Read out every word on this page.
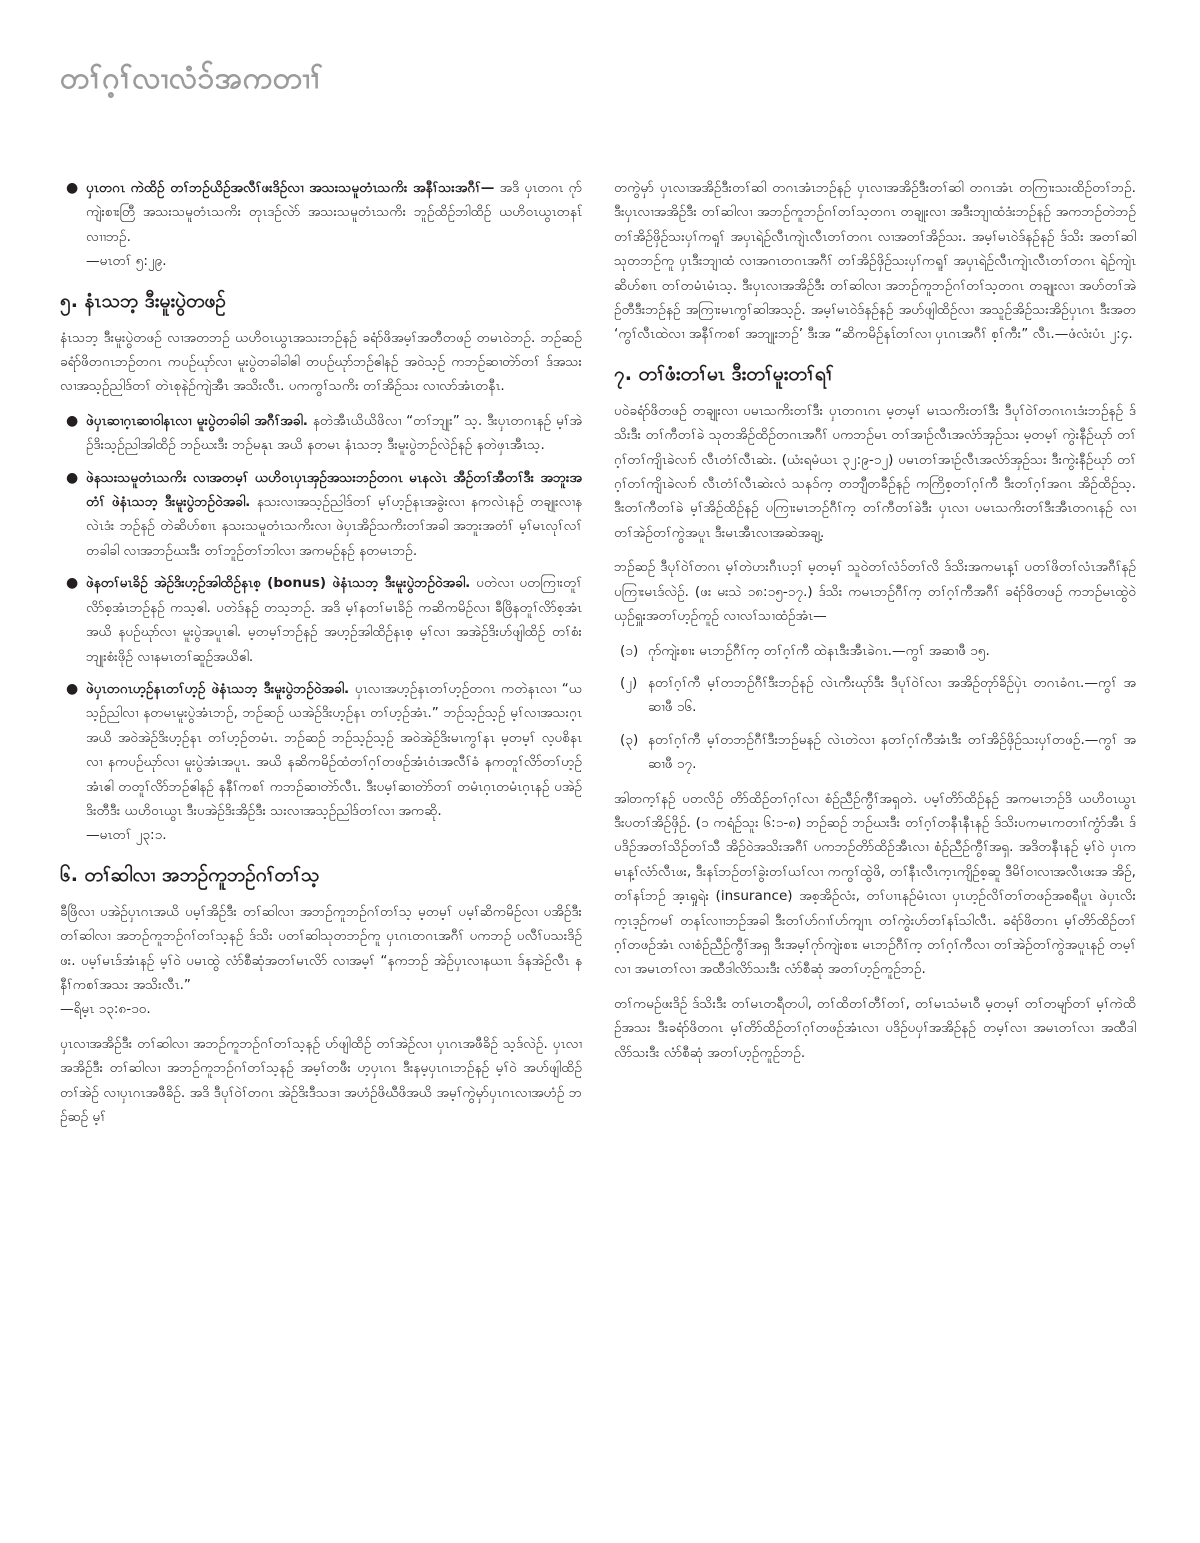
တၢ်ဂ့ၢ်လၢလံၥ်အကတၢၢ်
● ပှၤတဂၤ ကဲထိဉ် တၢ်ဘဉ်ယိဉ်အလီၢ်ဖးဒိဉ်လၢ အသးသမူတံၤသကိး အနီၢ်သးအဂီၢ်— အဒိ ပှၤတဂၤ ဂုာ်ကျဲးစၢးတြီ အသးသမူတံၤသကိး တုၤဒဉ်လဲာ် အသးသမူတံၤသကိး ဘူဉ်ထိဉ်ဘါထိဉ် ယဟိဝၤယွၤတနၤ်လၢၢဘဉ်.
—မၤတၢ် ၅:၂၉.
၅. နံၤသဘ့ ဒီးမူးပွဲတဖဉ်

နံၤသဘ့ ဒီးမူးပွဲတဖဉ် လၢအတဘဉ် ယဟိဝၤယွၤအသးဘဉ်နဉ် ခရံာ်ဖိအမ့ၢ်အတီတဖဉ် တမၤဝဲဘဉ်. ဘဉ်ဆဉ် ခရံာ်ဖိတဂၤဘဉ်တဂၤ ကပဉ်ဃုာ်လၢ မူးပွဲတခါခါဧါ တပဉ်ဃုာ်ဘဉ်ဧါနဉ် အဝဲသ့ဉ် ကဘဉ်ဆၢတဲာ်တၢ် ဒ်အသးလၢအသ့ဉ်ညါဒ်တၢ် တဲၤစုနဲဉ်ကျဲအီၤ အသိးလီၤ. ပကကွၢ်သကိး တၢ်အိဉ်သး လၢလာ်အံၤတနီၤ.

● ဖဲပှၤဆၢဂ့ၤဆၢဝါနၤလၢ မူးပွဲတခါခါ အဂီၢ်အခါ. နတဲအီၤယိယိဖိလၢ “တၢ်ဘျုး” သ့. ဒီးပှၤတဂၤနဉ် မ့ၢ်အဲဉ်ဒိးသ့ဉ်ညါအါထိဉ် ဘဉ်ဃးဒီး ဘဉ်မနုၤ အယိ နတမၤ နံၤသဘ့ ဒီးမူးပွဲဘဉ်လဲဉ်နဉ် နတဲဖှၤအီၤသ့.
● ဖဲနသးသမူတံၤသကိး လၢအတမ့ၢ် ယဟိဝၤပှၤအှဉ်အသးဘဉ်တဂၤ မၤနလဲၤ အီဉ်တၢ်အီတၢ်ဒီး အဘူးအတံၢ် ဖဲနံၤသဘ့ ဒီးမူးပွဲဘဉ်ဝဲအခါ. နသးလၢအသ့ဉ်ညါဒ်တၢ် မ့ၢ်ဟ့ဉ်နၤအခွဲးလၢ နကလဲၤနဉ် တချုးလၢနလဲၤဒံး ဘဉ်နဉ် တဲဆိဟ်စၢၤ နသးသမူတံၤသကိးလၢ ဖဲပှၤအိဉ်သကိးတၢ်အခါ အဘူးအတံၢ် မ့ၢ်မၤလုၢ်လၢ်တခါခါ လၢအဘဉ်ဃးဒီး တၢ်ဘူဉ်တၢ်ဘါလၢ အကမဉ်နဉ် နတမၤဘဉ်.
● ဖဲနတၢ်မၤခိဉ် အဲဉ်ဒိးဟ့ဉ်အါထိဉ်နၤစ့ (bonus) ဖဲနံၤသဘ့ ဒီးမူးပွဲဘဉ်ဝဲအခါ. ပတဲလၢ ပတကြၢးတူၢ်လိာ်စ့အံၤဘဉ်နဉ် ကသ့ဧါ. ပတဲဒ်နဉ် တသ့ဘဉ်. အဒိ မ့ၢ်နတၢ်မၤခိဉ် ကဆိကမိဉ်လၢ ခီဖြိနတူၢ်လိာ်စ့အံၤအယိ နပဉ်ဃုာ်လၢ မူးပွဲအပူၤဧါ. မ့တမ့ၢ်ဘဉ်နဉ် အဟ့ဉ်အါထိဉ်နၤစ့ မ့ၢ်လၢ အအဲဉ်ဒိးဟ်ဖျါထိဉ် တၢ်စံးဘျုးစံးဖိုဉ် လၢနမၤတၢ်ဆူဉ်အယိဧါ.
● ဖဲပှၤတဂၤဟ့ဉ်နၤတၢ်ဟ့ဉ် ဖဲနံၤသဘ့ ဒီးမူးပွဲဘဉ်ဝဲအခါ. ပှၤလၢအဟ့ဉ်နၤတၢ်ဟ့ဉ်တဂၤ ကတဲနၤလၢ “ယသ့ဉ်ညါလၢ နတမၤမူးပွဲအံၤဘဉ်, ဘဉ်ဆဉ် ယအဲဉ်ဒိးဟ့ဉ်နၤ တၢ်ဟ့ဉ်အံၤ.” ဘဉ်သ့ဉ်သ့ဉ် မ့ၢ်လၢအသးဂ့ၤအယိ အဝဲအဲဉ်ဒိးဟ့ဉ်နၤ တၢ်ဟ့ဉ်တမံၤ. ဘဉ်ဆဉ် ဘဉ်သ့ဉ်သ့ဉ် အဝဲအဲဉ်ဒိးမၤကွၢ်နၤ မ့တမ့ၢ် လ့ပစိနၤလၢ နကပဉ်ဃုာ်လၢ မူးပွဲအံၤအပူၤ. အယိ နဆိကမိဉ်ထံတၢ်ဂ့ၢ်တဖဉ်အံၤဝံၤအလီၢ်ခံ နကတူၢ်လိာ်တၢ်ဟ့ဉ်အံၤဧါ တတူၢ်လိာ်ဘဉ်ဧါနဉ် နနီၢ်ကစၢ် ကဘဉ်ဆၢတဲာ်လီၤ. ဒီးပမ့ၢ်ဆၢတဲာ်တၢ် တမံၤဂ့ၤတမံၤဂ့ၤနဉ် ပအဲဉ်ဒိးတီဒီး ယဟိဝၤယွၤ ဒီးပအဲဉ်ဒိးအိဉ်ဒီး သးလၢအသ့ဉ်ညါဒ်တၢ်လၢ အကဆို.
—မၤတၢ် ၂၃:၁.
၆. တၢ်ဆါလၢ အဘဉ်ကူဘဉ်ဂၢ်တၢ်သ့

ခီဖြိလၢ ပအဲဉ်ပှၤဂၤအယိ ပမ့ၢ်အိဉ်ဒီး တၢ်ဆါလၢ အဘဉ်ကူဘဉ်ဂၢ်တၢ်သ့ မ့တမ့ၢ် ပမ့ၢ်ဆိကမိဉ်လၢ ပအိဉ်ဒီး တၢ်ဆါလၢ အဘဉ်ကူဘဉ်ဂၢ်တၢ်သ့နဉ် ဒ်သိး ပတၢ်ဆါသုတဘဉ်ကူ ပှၤဂၤတဂၤအဂီၢ် ပကဘဉ် ပလီၢ်ပသးဒိဉ်ဖး. ပမ့ၢ်မၤဒ်အံၤနဉ် မ့ၢ်ဝဲ ပမၤထွဲ လံာ်စီဆုံအတၢ်မၤလိာ် လၢအမ့ၢ် “နကဘဉ် အဲဉ်ပှၤလၢနယၢၤ ဒ်နအဲဉ်လီၤ နနီၢ်ကစၢ်အသး အသိးလီၤ.”
—ရိမ့ၤ ၁၃:၈-၁၀.

ပှၤလၢအအိဉ်ဒီး တၢ်ဆါလၢ အဘဉ်ကူဘဉ်ဂၢ်တၢ်သ့နဉ် ဟ်ဖျါထိဉ် တၢ်အဲဉ်လၢ ပှၤဂၤအဖီခိဉ် သ့ဒ်လဲဉ်. ပှၤလၢအအိဉ်ဒီး တၢ်ဆါလၢ အဘဉ်ကူဘဉ်ဂၢ်တၢ်သ့နဉ် အမ့ၢ်တဖီး ဟ့ပှၤဂၤ ဒီးနမ့ပှၤဂၤဘဉ်နဉ် မ့ၢ်ဝဲ အဟ်ဖျါထိဉ် တၢ်အဲဉ် လၢပှၤဂၤအဖီခိဉ်. အဒိ ဒီပုၢ်ဝဲၢ်တဂၤ အဲဉ်ဒိးဒီသဒၢ အဟံဉ်ဖိဃီဖိအယိ အမ့ၢ်ကွဲမှာ်ပှၤဂၤလၢအဟံဉ် ဘဉ်ဆဉ် မ့ၢ်

တကွဲမှာ် ပှၤလၢအအိဉ်ဒီးတၢ်ဆါ တဂၤအံၤဘဉ်နဉ် ပှၤလၢအအိဉ်ဒီးတၢ်ဆါ တဂၤအံၤ တကြၢးသးထိဉ်တၢ်ဘဉ်. ဒီးပှၤလၢအအိဉ်ဒီး တၢ်ဆါလၢ အဘဉ်ကူဘဉ်ဂၢ်တၢ်သ့တဂၤ တချုးလၢ အဒီးဘျၢထံဒံးဘဉ်နဉ် အကဘဉ်တဲဘဉ် တၢ်အိဉ်ဖှိဉ်သးပှၢ်ကရူၢ် အပှၤရဲဉ်လီၤကျဲၤလီၤတၢ်တဂၤ လၢအတၢ်အိဉ်သး. အမ့ၢ်မၤဝဲဒ်နဉ်နဉ် ဒ်သိး အတၢ်ဆါ သုတဘဉ်ကူ ပှၤဒီးဘျၢထံ လၢအဂၤတဂၤအဂီၢ် တၢ်အိဉ်ဖှိဉ်သးပှၢ်ကရူၢ် အပှၤရဲဉ်လီၤကျဲၤလီၤတၢ်တဂၤ ရဲဉ်ကျဲၤဆိဟ်စၢၤ တၢ်တမံၤမံၤသ့. ဒီးပှၤလၢအအိဉ်ဒီး တၢ်ဆါလၢ အဘဉ်ကူဘဉ်ဂၢ်တၢ်သ့တဂၤ တချုးလၢ အဟ်တၢ်အဲဉ်တီဒီးဘဉ်နဉ် အကြၢးမၤကွၢ်ဆါအသ့ဉ်. အမ့ၢ်မၤဝဲဒ်နဉ်နဉ် အဟ်ဖျါထိဉ်လၢ အသူဉ်အိဉ်သးအိဉ်ပှၤဂၤ ဒီးအတ ‘ကွၢ်လီၤထဲလၢ အနီၢ်ကစၢ် အဘျုးဘဉ်’ ဒီးအ “ဆိကမိဉ်နၤ်တၢ်လၢ ပှၤဂၤအဂီၢ် စ့ၢ်ကီး” လီၤ.—ဖံလံးပံၤ ၂:၄.

၇. တၢ်ဖံးတၢ်မၤ ဒီးတၢ်မူးတၢ်ရၢ်

ပဝဲခရံာ်ဖိတဖဉ် တချုးလၢ ပမၤသကိးတၢ်ဒီး ပှၤတဂၤဂၤ မ့တမ့ၢ် မၤသကိးတၢ်ဒီး ဒီပုၢ်ဝဲၢ်တဂၤဂၤဒံးဘဉ်နဉ် ဒ်သိးဒီး တၢ်ကီတၢ်ခဲ သုတအိဉ်ထိဉ်တဂၤအဂီၢ် ပကဘဉ်မၤ တၢ်အၢဉ်လီၤအလံာ်အှဉ်သး မ့တမ့ၢ် ကွဲးနီဉ်ဃုာ် တၢ်ဂ့ၢ်တၢ်ကျိၤခဲလၢာ် လီၤတံၢ်လီၤဆဲး. (ယံးရမံယၤ ၃၂:၉-၁၂) ပမၤတၢ်အၢဉ်လီၤအလံာ်အှဉ်သး ဒီးကွဲးနီဉ်ဃုာ် တၢ်ဂ့ၢ်တၢ်ကျိၤခဲလၢာ် လီၤတံၢ်လီၤဆဲးလံ သနၥ်က့ တဘျီတခီဉ်နဉ် ကကြိစ့တၢ်ဂ့ၢ်ကီ ဒီးတၢ်ဂ့ၢ်အဂၤ အိဉ်ထိဉ်သ့. ဒီးတၢ်ကီတၢ်ခဲ မ့ၢ်အိဉ်ထိဉ်နဉ် ပကြၢးမၤဘဉ်ဂီၢ်က့ တၢ်ကီတၢ်ခဲဒီး ပှၤလၢ ပမၤသကိးတၢ်ဒီးအီၤတဂၤနဉ် လၢတၢ်အဲဉ်တၢ်ကွဲအပူၤ ဒီးမၤအီၤလၢအဆဲအချ့.

ဘဉ်ဆဉ် ဒီပုၢ်ဝဲၢ်တဂၤ မ့ၢ်တဲဟးဂီၤပၥ့ၢ် မ့တမ့ၢ် သူဝဲတၢ်လံၥ်တၢ်လိ ဒ်သိးအကမၤန့ၢ် ပတၢ်ဖိတၢ်လံၤအဂီၢ်နဉ် ပကြၢးမၤဒ်လဲဉ်. (ဖး မးသဲ ၁၈:၁၅-၁၇.) ဒ်သိး ကမၤဘဉ်ဂီၢ်က့ တၢ်ဂ့ၢ်ကီအဂီၢ် ခရံာ်ဖိတဖဉ် ကဘဉ်မၤထွဲဝဲ ယှဉ်ရှူးအတၢ်ဟ့ဉ်ကူဉ် လၢလၢ်သၢထံဉ်အံၤ—

(၁) ဂုာ်ကျဲးစၢး မၤဘဉ်ဂီၢ်က့ တၢ်ဂ့ၢ်ကီ ထဲနၤဒီးအီၤခဲဂၤ.—ကွၢ် အဆၢဖီ ၁၅.
(၂) နတၢ်ဂ့ၢ်ကီ မ့ၢ်တဘဉ်ဂီၢ်ဒီးဘဉ်နဉ် လဲၤကီးဃုာ်ဒီး ဒီပုၢ်ဝဲၢ်လၢ အအိဉ်တုာ်ခိဉ်ပှဲၤ တဂၤခံဂၤ.—ကွၢ် အဆၢဖီ ၁၆.
(၃) နတၢ်ဂ့ၢ်ကီ မ့ၢ်တဘဉ်ဂီၢ်ဒီးဘဉ်မနဉ် လဲၤတဲလၢ နတၢ်ဂ့ၢ်ကီအံၤဒီး တၢ်အိဉ်ဖှိဉ်သးပှၢ်တဖဉ်.—ကွၢ် အဆၢဖီ ၁၇.

အါတက့ၢ်နဉ် ပတလိဉ် တိာ်ထိဉ်တၢ်ဂ့ၢ်လၢ စံဉ်ညီဉ်ကွီၢ်အရှတဲ. ပမ့ၢ်တိာ်ထိဉ်နဉ် အကမၤဘဉ်ဒိ ယဟိဝၤယွၤ ဒီးပတၢ်အိဉ်ဖှိဉ်. (၁ ကရံဉ်သူး ၆:၁-၈) ဘဉ်ဆဉ် ဘဉ်ဃးဒီး တၢ်ဂ့ၢ်တနီၤနီၤနဉ် ဒ်သိးပကမၤကတၢၢ်ကွံာ်အီၤ ဒ်ပဒိဉ်အတၢ်သိဉ်တၢ်သီ အိဉ်ဝဲအသိးအဂီၢ် ပကဘဉ်တိာ်ထိဉ်အီၤလၢ စံဉ်ညီဉ်ကွီၢ်အရှ. အဒိတနီၤနဉ် မ့ၢ်ဝဲ ပှၤကမၤန့ၢ်လံာ်လီၤဖး, ဒီးနၤ်ဘဉ်တၢ်ခွဲးတၢ်ယၢ်လၢ ကကွၢ်ထွဲဖိ, တၢ်နီၤလီၤက့ၤကျိဉ်စ့ဆူ ဒီမိၢ်ဝၢလၢအလီၤဖးအ အိဉ်, တၢ်နၤ်ဘဉ် အ့ၤရှုရဲး (insurance) အစ့အိဉ်လံး, တၢ်ပၢၤနဉ်မံၤလၢ ပှၤဟ့ဉ်လိၢ်တၢ်တဖဉ်အစရီပူၤ ဖဲပှၤလိးက့ၤဒ့ဉ်ကမၢ် တနၤ်လၢၢဘဉ်အခါ ဒီးတၢ်ပာ်ဂၢၢ်ပာ်ကျၢၤ တၢ်ကွဲးပာ်တၢ်နၤ်သါလီၤ. ခရံာ်ဖိတဂၤ မ့ၢ်တိာ်ထိဉ်တၢ်ဂ့ၢ်တဖဉ်အံၤ လၢစံဉ်ညီဉ်ကွီၢ်အရှ ဒီးအမ့ၢ်ဂုာ်ကျဲးစၢး မၤဘဉ်ဂီၢ်က့ တၢ်ဂ့ၢ်ကီလၢ တၢ်အဲဉ်တၢ်ကွဲအပူၤနဉ် တမ့ၢ်လၢ အမၤတၢ်လၢ အထီဒါလိာ်သးဒီး လံာ်စီဆုံ အတၢ်ဟ့ဉ်ကူဉ်ဘဉ်.

တၢ်ကမဉ်ဖးဒိဉ် ဒ်သိးဒီး တၢ်မၤတရီတပါ, တၢ်ထိတၢ်တီၢ်တၢ်, တၢ်မၤသံမၤဝီ မ့တမ့ၢ် တၢ်တမျာ်တၢ် မ့ၢ်ကဲထိဉ်အသး ဒီးခရံာ်ဖိတဂၤ မ့ၢ်တိာ်ထိဉ်တၢ်ဂ့ၢ်တဖဉ်အံၤလၢ ပဒိဉ်ပပှၢ်အအိဉ်နဉ် တမ့ၢ်လၢ အမၤတၢ်လၢ အထီဒါလိာ်သးဒီး လံာ်စီဆုံ အတၢ်ဟ့ဉ်ကူဉ်ဘဉ်.
